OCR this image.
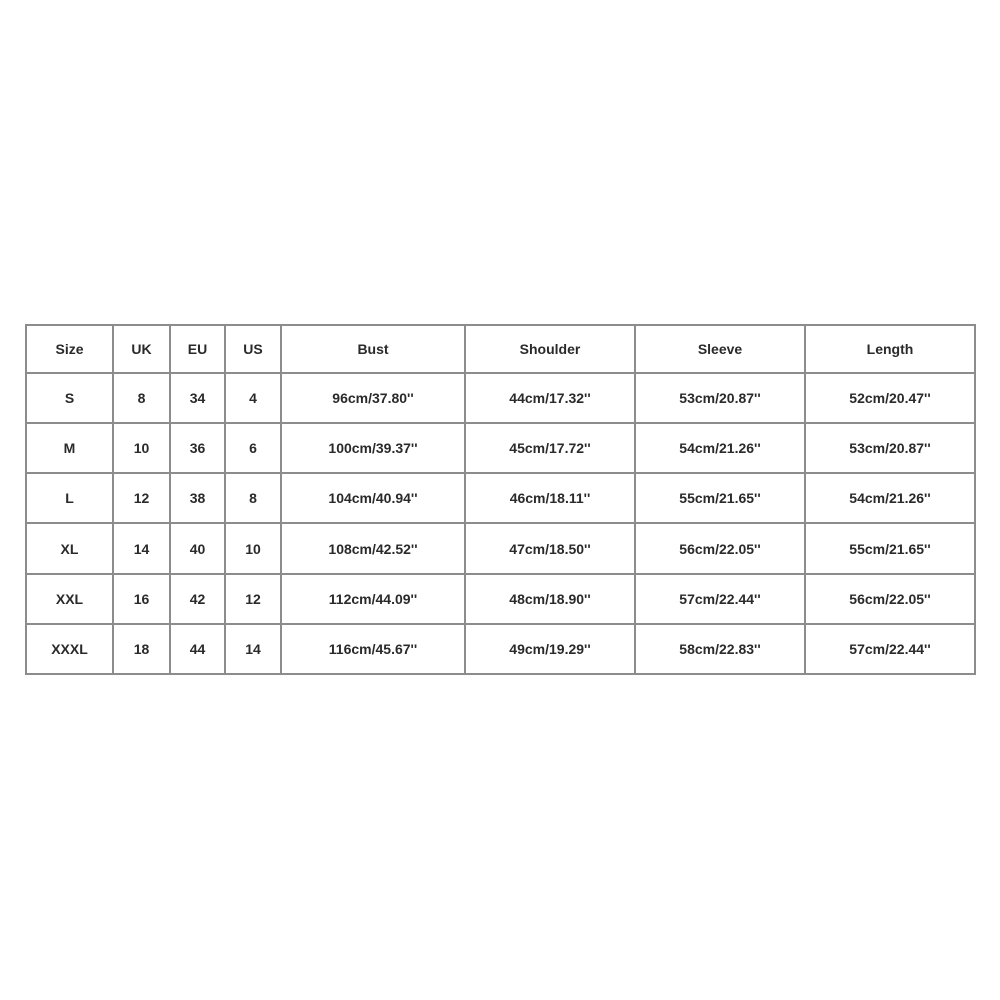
Size	UK	EU	US	Bust	Shoulder	Sleeve	Length
S	8	34	4	96cm/37.80''	44cm/17.32''	53cm/20.87''	52cm/20.47''
M	10	36	6	100cm/39.37''	45cm/17.72''	54cm/21.26''	53cm/20.87''
L	12	38	8	104cm/40.94''	46cm/18.11''	55cm/21.65''	54cm/21.26''
XL	14	40	10	108cm/42.52''	47cm/18.50''	56cm/22.05''	55cm/21.65''
XXL	16	42	12	112cm/44.09''	48cm/18.90''	57cm/22.44''	56cm/22.05''
XXXL	18	44	14	116cm/45.67''	49cm/19.29''	58cm/22.83''	57cm/22.44''
